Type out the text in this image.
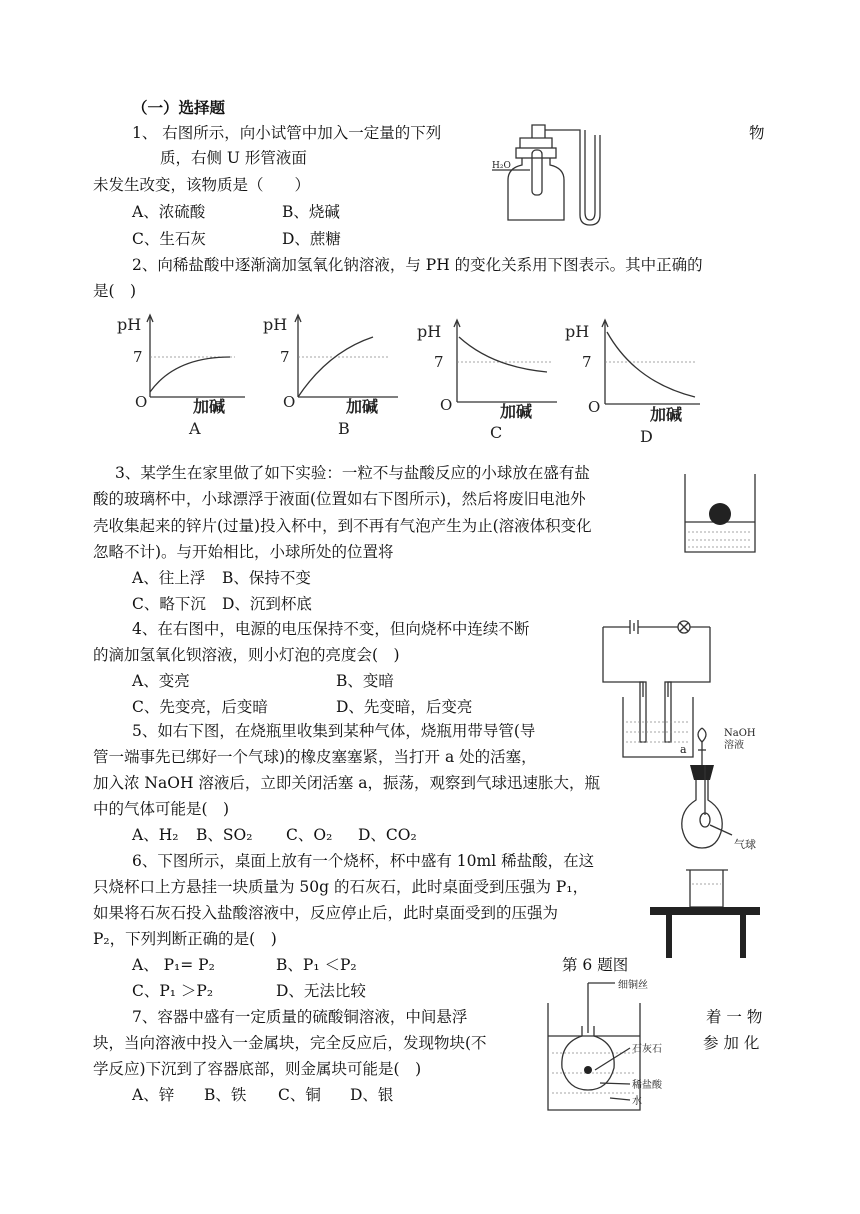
（一）选择题
1、 右图所示，向小试管中加入一定量的下列	物
质，右侧 U 形管液面
未发生改变，该物质是（　　）
A、浓硫酸	B、烧碱
C、生石灰	D、蔗糖
H₂O
2、向稀盐酸中逐渐滴加氢氧化钠溶液，与 PH 的变化关系用下图表示。其中正确的
是(　)
pH
7
O	加碱
A
pH
7
O	加碱
B
pH
7
O	加碱
C
pH
7
O	加碱
D
3、某学生在家里做了如下实验：一粒不与盐酸反应的小球放在盛有盐
酸的玻璃杯中，小球漂浮于液面(位置如右下图所示)，然后将废旧电池外
壳收集起来的锌片(过量)投入杯中，到不再有气泡产生为止(溶液体积变化
忽略不计)。与开始相比，小球所处的位置将
A、往上浮 B、保持不变
C、略下沉 D、沉到杯底
4、在右图中，电源的电压保持不变，但向烧杯中连续不断
的滴加氢氧化钡溶液，则小灯泡的亮度会(　)
A、变亮	B、变暗
C、先变亮，后变暗	D、先变暗，后变亮
5、如右下图，在烧瓶里收集到某种气体，烧瓶用带导管(导
管一端事先已绑好一个气球)的橡皮塞塞紧，当打开 a 处的活塞，
加入浓 NaOH 溶液后，立即关闭活塞 a，振荡，观察到气球迅速胀大，瓶
中的气体可能是(　)
A、H₂ B、SO₂ C、O₂ D、CO₂
NaOH
溶液
a
气球
6、下图所示，桌面上放有一个烧杯，杯中盛有 10ml 稀盐酸，在这
只烧杯口上方悬挂一块质量为 50g 的石灰石，此时桌面受到压强为 P₁，
如果将石灰石投入盐酸溶液中，反应停止后，此时桌面受到的压强为
P₂，下列判断正确的是(　)
A、 P₁= P₂	B、P₁ ＜P₂
C、P₁ ＞P₂	D、无法比较
第 6 题图
7、容器中盛有一定质量的硫酸铜溶液，中间悬浮	着 一 物
块，当向溶液中投入一金属块，完全反应后，发现物块(不	参 加 化
学反应)下沉到了容器底部，则金属块可能是(　)
A、锌 B、铁 C、铜 D、银
细铜丝
石灰石
稀盐酸
水
